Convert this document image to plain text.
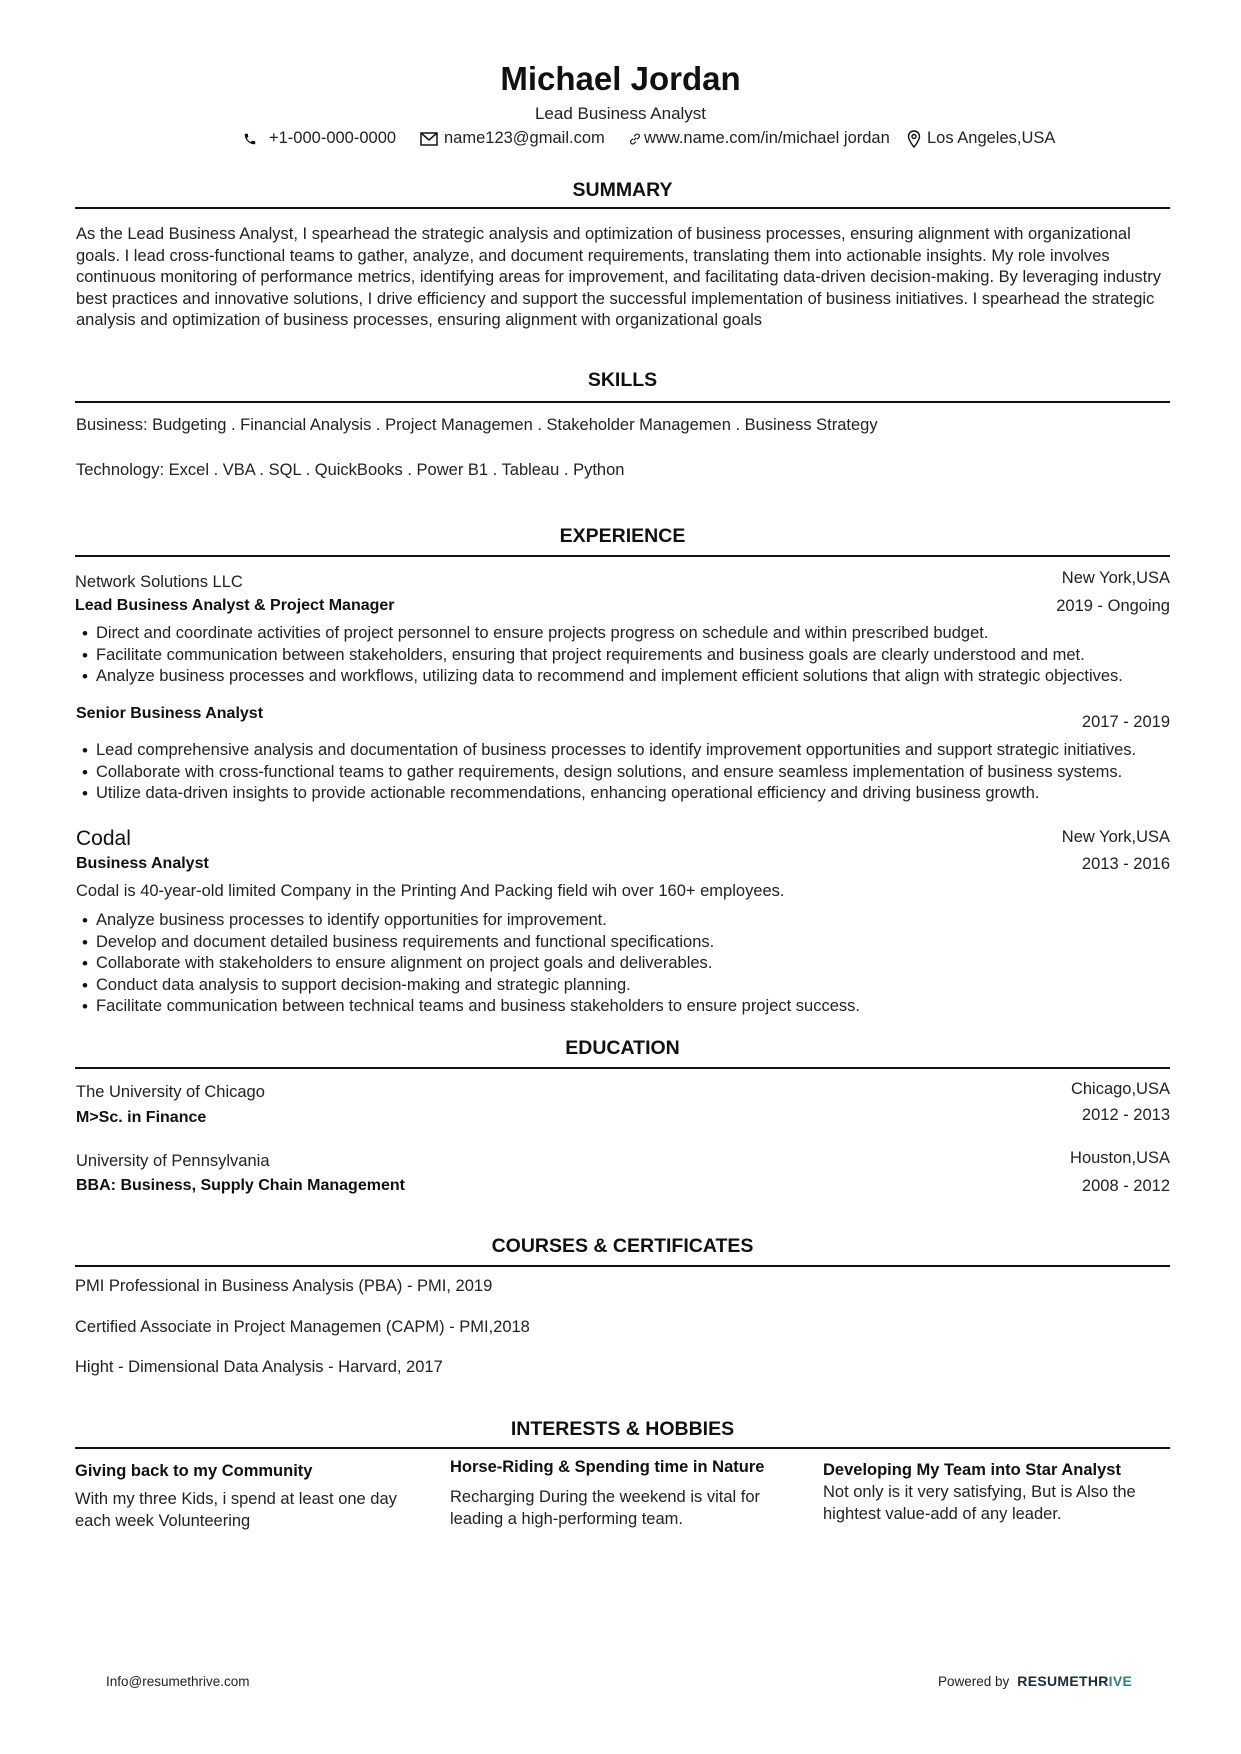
Michael Jordan
Lead Business Analyst
+1-000-000-0000	name123@gmail.com www.name.com/in/michael jordan Los Angeles,USA
SUMMARY
As the Lead Business Analyst, I spearhead the strategic analysis and optimization of business processes, ensuring alignment with organizational goals. I lead cross-functional teams to gather, analyze, and document requirements, translating them into actionable insights. My role involves continuous monitoring of performance metrics, identifying areas for improvement, and facilitating data-driven decision-making. By leveraging industry best practices and innovative solutions, I drive efficiency and support the successful implementation of business initiatives. I spearhead the strategic analysis and optimization of business processes, ensuring alignment with organizational goals
SKILLS
Business: Budgeting . Financial Analysis . Project Managemen . Stakeholder Managemen . Business Strategy
Technology: Excel . VBA . SQL . QuickBooks . Power B1 . Tableau . Python
EXPERIENCE
Network Solutions LLC	New York,USA
Lead Business Analyst & Project Manager	2019 - Ongoing
• Direct and coordinate activities of project personnel to ensure projects progress on schedule and within prescribed budget.
• Facilitate communication between stakeholders, ensuring that project requirements and business goals are clearly understood and met.
• Analyze business processes and workflows, utilizing data to recommend and implement efficient solutions that align with strategic objectives.
Senior Business Analyst	2017 - 2019
• Lead comprehensive analysis and documentation of business processes to identify improvement opportunities and support strategic initiatives.
• Collaborate with cross-functional teams to gather requirements, design solutions, and ensure seamless implementation of business systems.
• Utilize data-driven insights to provide actionable recommendations, enhancing operational efficiency and driving business growth.
Codal	New York,USA
Business Analyst	2013 - 2016
Codal is 40-year-old limited Company in the Printing And Packing field wih over 160+ employees.
• Analyze business processes to identify opportunities for improvement.
• Develop and document detailed business requirements and functional specifications.
• Collaborate with stakeholders to ensure alignment on project goals and deliverables.
• Conduct data analysis to support decision-making and strategic planning.
• Facilitate communication between technical teams and business stakeholders to ensure project success.
EDUCATION
The University of Chicago	Chicago,USA
M>Sc. in Finance	2012 - 2013
University of Pennsylvania	Houston,USA
BBA: Business, Supply Chain Management	2008 - 2012
COURSES & CERTIFICATES
PMI Professional in Business Analysis (PBA) - PMI, 2019
Certified Associate in Project Managemen (CAPM) - PMI,2018
Hight - Dimensional Data Analysis - Harvard, 2017
INTERESTS & HOBBIES
Giving back to my Community
With my three Kids, i spend at least one day each week Volunteering
Horse-Riding & Spending time in Nature
Recharging During the weekend is vital for leading a high-performing team.
Developing My Team into Star Analyst
Not only is it very satisfying, But is Also the hightest value-add of any leader.
Info@resumethrive.com	Powered by RESUMETHRIVE
